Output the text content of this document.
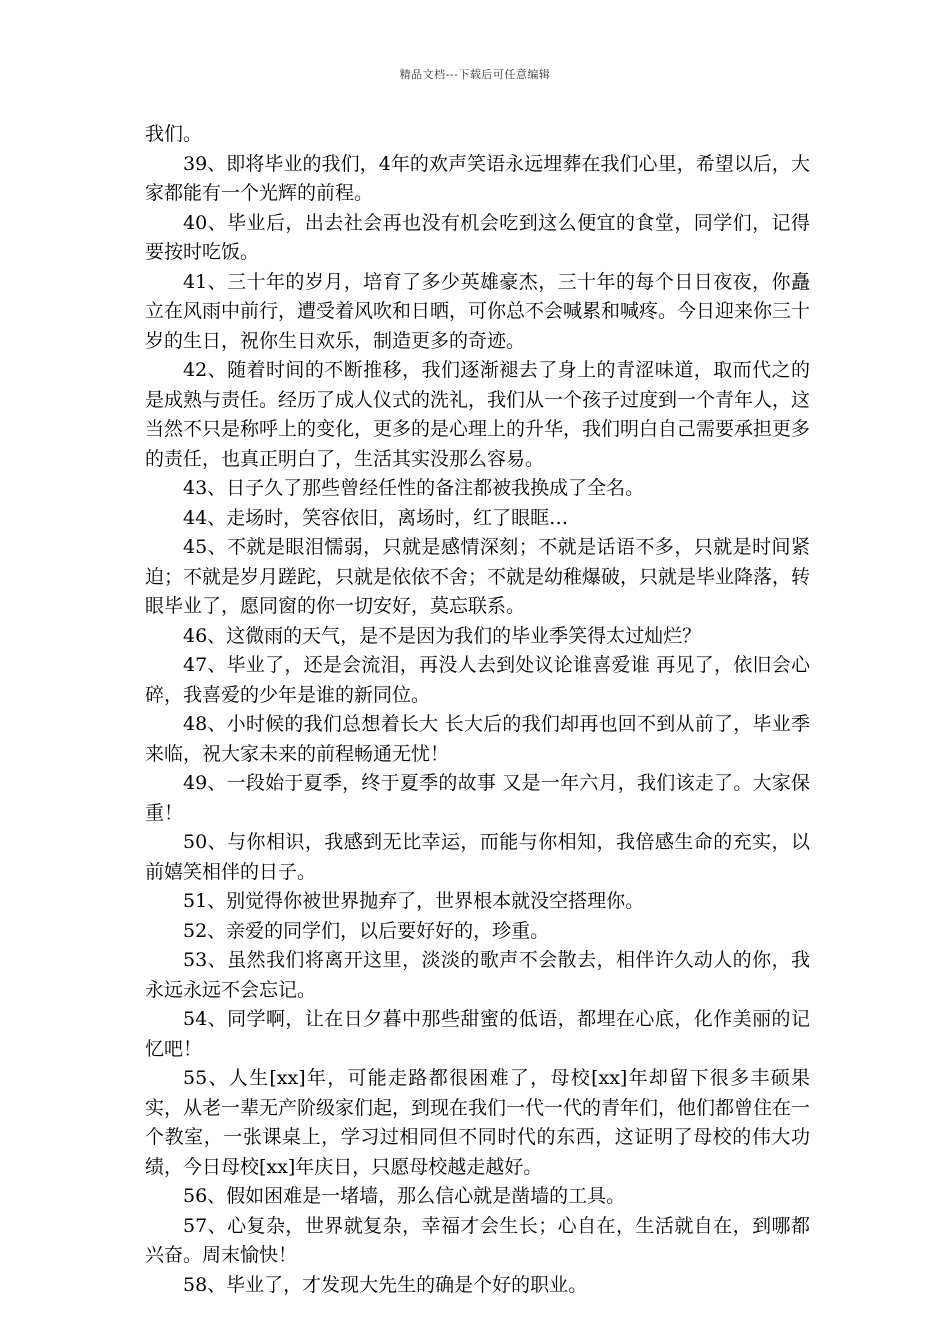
精品文档---下载后可任意编辑

我们。

39、即将毕业的我们，4年的欢声笑语永远埋葬在我们心里，希望以后，大家都能有一个光辉的前程。

40、毕业后，出去社会再也没有机会吃到这么便宜的食堂，同学们，记得要按时吃饭。

41、三十年的岁月，培育了多少英雄豪杰，三十年的每个日日夜夜，你矗立在风雨中前行，遭受着风吹和日晒，可你总不会喊累和喊疼。今日迎来你三十岁的生日，祝你生日欢乐，制造更多的奇迹。

42、随着时间的不断推移，我们逐渐褪去了身上的青涩味道，取而代之的是成熟与责任。经历了成人仪式的洗礼，我们从一个孩子过度到一个青年人，这当然不只是称呼上的变化，更多的是心理上的升华，我们明白自己需要承担更多的责任，也真正明白了，生活其实没那么容易。

43、日子久了那些曾经任性的备注都被我换成了全名。

44、走场时，笑容依旧，离场时，红了眼眶…

45、不就是眼泪懦弱，只就是感情深刻；不就是话语不多，只就是时间紧迫；不就是岁月蹉跎，只就是依依不舍；不就是幼稚爆破，只就是毕业降落，转眼毕业了，愿同窗的你一切安好，莫忘联系。

46、这微雨的天气，是不是因为我们的毕业季笑得太过灿烂？

47、毕业了，还是会流泪，再没人去到处议论谁喜爱谁 再见了，依旧会心碎，我喜爱的少年是谁的新同位。

48、小时候的我们总想着长大 长大后的我们却再也回不到从前了，毕业季来临，祝大家未来的前程畅通无忧！

49、一段始于夏季，终于夏季的故事 又是一年六月，我们该走了。大家保重！

50、与你相识，我感到无比幸运，而能与你相知，我倍感生命的充实，以前嬉笑相伴的日子。

51、别觉得你被世界抛弃了，世界根本就没空搭理你。

52、亲爱的同学们，以后要好好的，珍重。

53、虽然我们将离开这里，淡淡的歌声不会散去，相伴许久动人的你，我永远永远不会忘记。

54、同学啊，让在日夕暮中那些甜蜜的低语，都埋在心底，化作美丽的记忆吧！

55、人生[xx]年，可能走路都很困难了，母校[xx]年却留下很多丰硕果实，从老一辈无产阶级家们起，到现在我们一代一代的青年们，他们都曾住在一个教室，一张课桌上，学习过相同但不同时代的东西，这证明了母校的伟大功绩，今日母校[xx]年庆日，只愿母校越走越好。

56、假如困难是一堵墙，那么信心就是凿墙的工具。

57、心复杂，世界就复杂，幸福才会生长；心自在，生活就自在，到哪都兴奋。周末愉快！

58、毕业了，才发现大先生的确是个好的职业。
